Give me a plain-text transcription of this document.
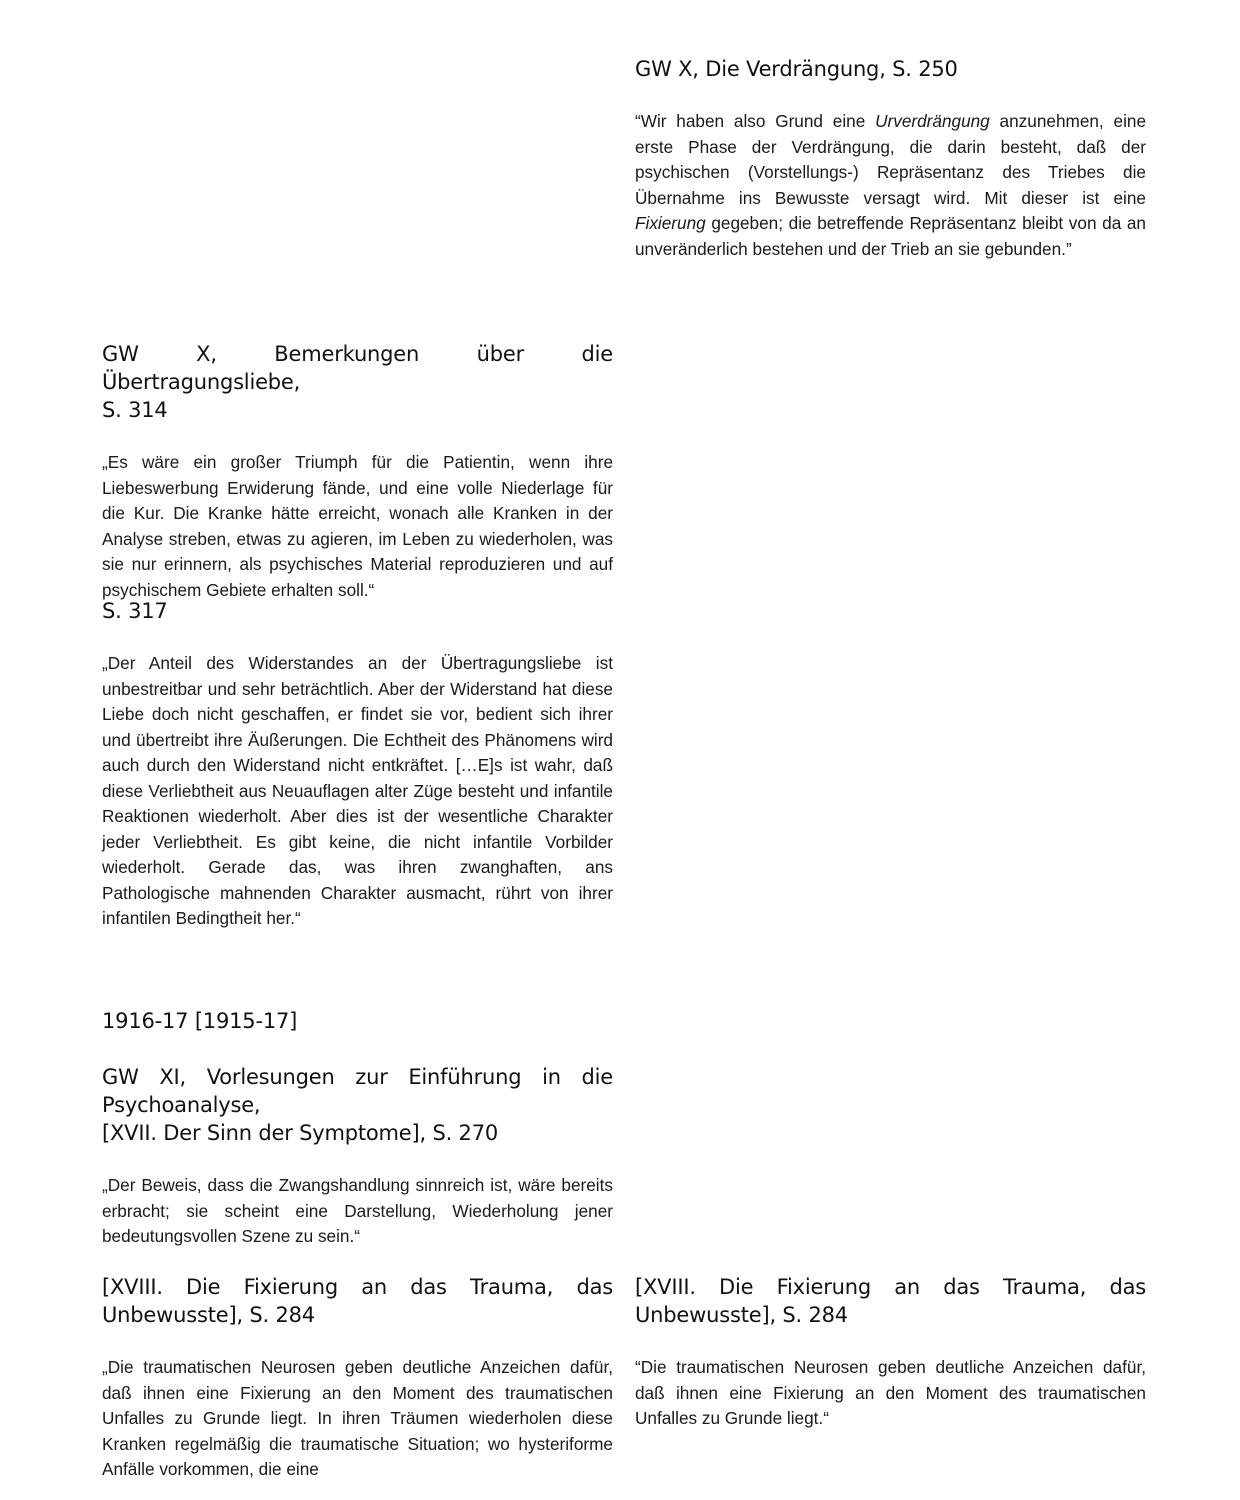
GW X, Die Verdrängung, S. 250

“Wir haben also Grund eine Urverdrängung anzunehmen, eine erste Phase der Verdrängung, die darin besteht, daß der psychischen (Vorstellungs-) Repräsentanz des Triebes die Übernahme ins Bewusste versagt wird. Mit dieser ist eine Fixierung gegeben; die betreffende Repräsentanz bleibt von da an unveränderlich bestehen und der Trieb an sie gebunden.”

GW X, Bemerkungen über die Übertragungsliebe,
S. 314

„Es wäre ein großer Triumph für die Patientin, wenn ihre Liebeswerbung Erwiderung fände, und eine volle Niederlage für die Kur. Die Kranke hätte erreicht, wonach alle Kranken in der Analyse streben, etwas zu agieren, im Leben zu wiederholen, was sie nur erinnern, als psychisches Material reproduzieren und auf psychischem Gebiete erhalten soll.“

S. 317

„Der Anteil des Widerstandes an der Übertragungsliebe ist unbestreitbar und sehr beträchtlich. Aber der Widerstand hat diese Liebe doch nicht geschaffen, er findet sie vor, bedient sich ihrer und übertreibt ihre Äußerungen. Die Echtheit des Phänomens wird auch durch den Widerstand nicht entkräftet. […E]s ist wahr, daß diese Verliebtheit aus Neuauflagen alter Züge besteht und infantile Reaktionen wiederholt. Aber dies ist der wesentliche Charakter jeder Verliebtheit. Es gibt keine, die nicht infantile Vorbilder wiederholt. Gerade das, was ihren zwanghaften, ans Pathologische mahnenden Charakter ausmacht, rührt von ihrer infantilen Bedingtheit her.“

1916-17 [1915-17]
GW XI, Vorlesungen zur Einführung in die Psychoanalyse,
[XVII. Der Sinn der Symptome], S. 270

„Der Beweis, dass die Zwangshandlung sinnreich ist, wäre bereits erbracht; sie scheint eine Darstellung, Wiederholung jener bedeutungsvollen Szene zu sein.“

[XVIII. Die Fixierung an das Trauma, das Unbewusste], S. 284

„Die traumatischen Neurosen geben deutliche Anzeichen dafür, daß ihnen eine Fixierung an den Moment des traumatischen Unfalles zu Grunde liegt. In ihren Träumen wiederholen diese Kranken regelmäßig die traumatische Situation; wo hysteriforme Anfälle vorkommen, die eine

[XVIII. Die Fixierung an das Trauma, das Unbewusste], S. 284

“Die traumatischen Neurosen geben deutliche Anzeichen dafür, daß ihnen eine Fixierung an den Moment des traumatischen Unfalles zu Grunde liegt.“
